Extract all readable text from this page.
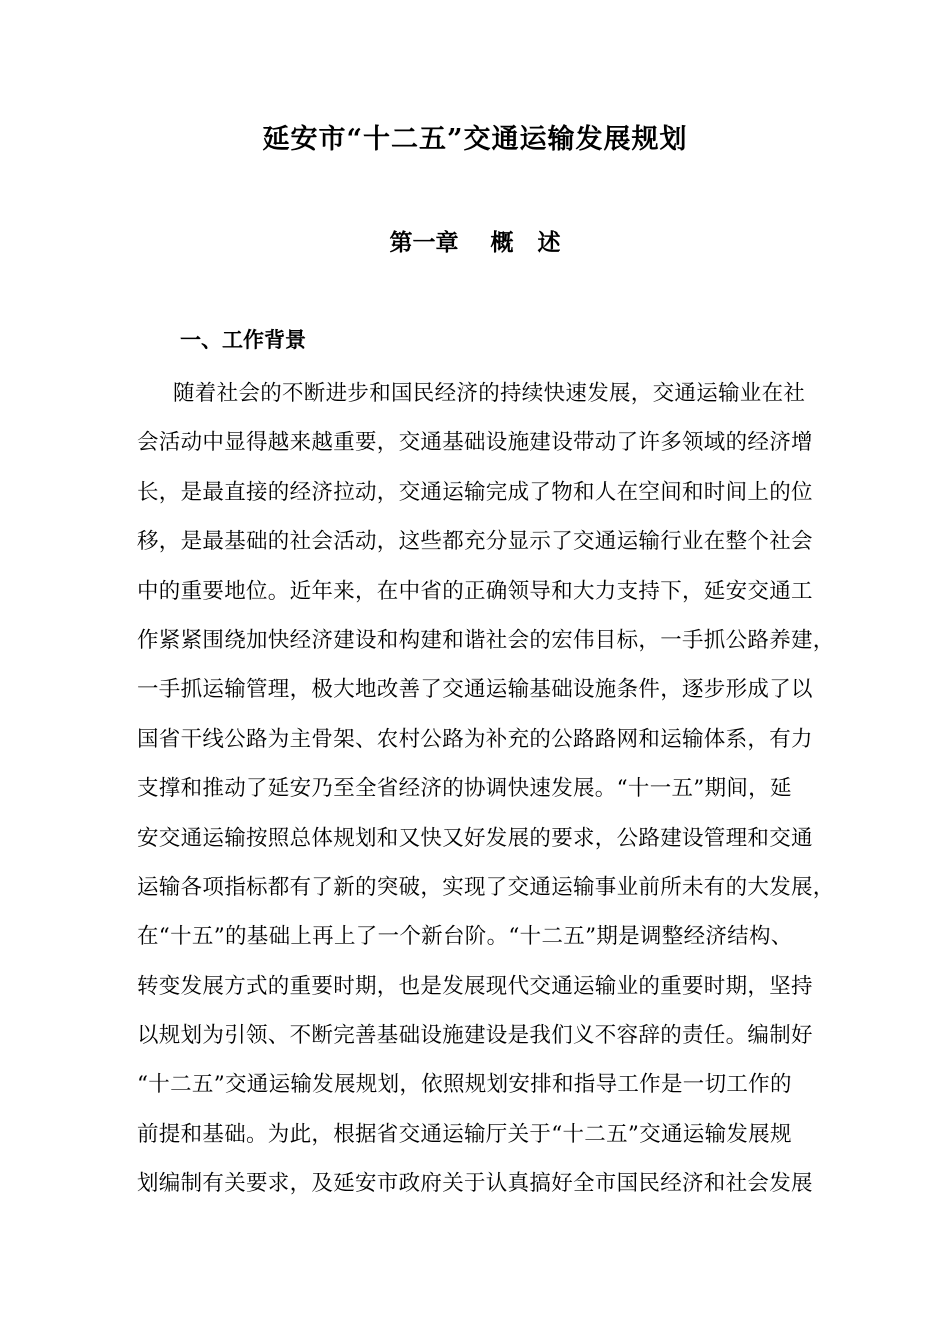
延安市“十二五”交通运输发展规划
第一章    概   述
一、工作背景
随着社会的不断进步和国民经济的持续快速发展，交通运输业在社
会活动中显得越来越重要，交通基础设施建设带动了许多领域的经济增
长，是最直接的经济拉动，交通运输完成了物和人在空间和时间上的位
移，是最基础的社会活动，这些都充分显示了交通运输行业在整个社会
中的重要地位。近年来，在中省的正确领导和大力支持下，延安交通工
作紧紧围绕加快经济建设和构建和谐社会的宏伟目标，一手抓公路养建，
一手抓运输管理，极大地改善了交通运输基础设施条件，逐步形成了以
国省干线公路为主骨架、农村公路为补充的公路路网和运输体系，有力
支撑和推动了延安乃至全省经济的协调快速发展。“十一五”期间，延
安交通运输按照总体规划和又快又好发展的要求，公路建设管理和交通
运输各项指标都有了新的突破，实现了交通运输事业前所未有的大发展，
在“十五”的基础上再上了一个新台阶。“十二五”期是调整经济结构、
转变发展方式的重要时期，也是发展现代交通运输业的重要时期，坚持
以规划为引领、不断完善基础设施建设是我们义不容辞的责任。编制好
“十二五”交通运输发展规划，依照规划安排和指导工作是一切工作的
前提和基础。为此，根据省交通运输厅关于“十二五”交通运输发展规
划编制有关要求，及延安市政府关于认真搞好全市国民经济和社会发展
